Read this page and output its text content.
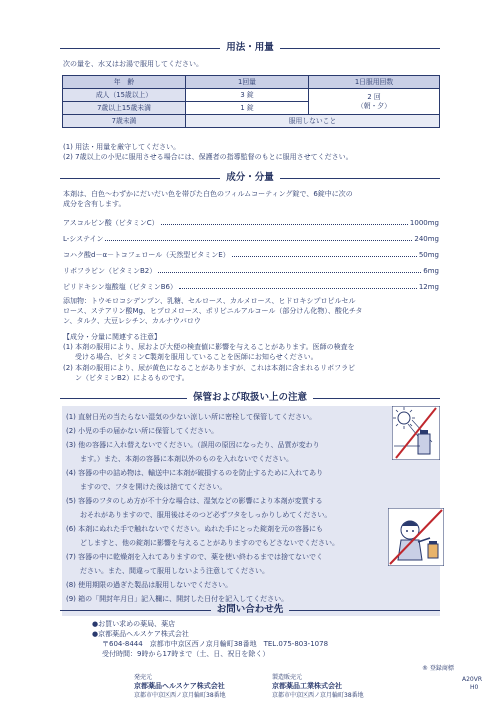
用法・用量
次の量を、水又はお湯で服用してください。
年　齢	1回量	1日服用回数
成人（15歳以上）	3 錠	2 回
（朝・夕）

7歳以上15歳未満	1 錠	
7歳未満	服用しないこと	
(1) 用法・用量を厳守してください。
(2) 7歳以上の小児に服用させる場合には、保護者の指導監督のもとに服用させてください。
成分・分量
本剤は、白色〜わずかにだいだい色を帯びた白色のフィルムコーティング錠で、6錠中に次の
成分を含有します。
アスコルビン酸（ビタミンC）	1000mg
L-システイン	240mg
コハク酸d－α－トコフェロール（天然型ビタミンE）	50mg
リボフラビン（ビタミンB2）	6mg
ピリドキシン塩酸塩（ビタミンB6）	12mg
添加物：トウモロコシデンプン、乳糖、セルロース、カルメロース、ヒドロキシプロピルセル
ロース、ステアリン酸Mg、ヒプロメロース、ポリビニルアルコール（部分けん化物）、酸化チタ
ン、タルク、大豆レシチン、カルナウバロウ
【成分・分量に関連する注意】
(1) 本剤の服用により、尿および大便の検査値に影響を与えることがあります。医師の検査を
受ける場合、ビタミンC製剤を服用していることを医師にお知らせください。
(2) 本剤の服用により、尿が黄色になることがありますが、これは本剤に含まれるリボフラビ
ン（ビタミンB2）によるものです。
保管および取扱い上の注意
(1) 直射日光の当たらない湿気の少ない涼しい所に密栓して保管してください。
(2) 小児の手の届かない所に保管してください。
(3) 他の容器に入れ替えないでください。（誤用の原因になったり、品質が変わり
ます。）また、本剤の容器に本剤以外のものを入れないでください。
(4) 容器の中の詰め物は、輸送中に本剤が破損するのを防止するために入れてあり
ますので、フタを開けた後は捨ててください。
(5) 容器のフタのしめ方が不十分な場合は、湿気などの影響により本剤が変質する
おそれがありますので、服用後はそのつど必ずフタをしっかりしめてください。
(6) 本剤にぬれた手で触れないでください。ぬれた手にとった錠剤を元の容器にも
どしますと、他の錠剤に影響を与えることがありますのでもどさないでください。
(7) 容器の中に乾燥剤を入れてありますので、薬を使い終わるまでは捨てないでく
ださい。また、間違って服用しないよう注意してください。
(8) 使用期限の過ぎた製品は服用しないでください。
(9) 箱の「開封年月日」記入欄に、開封した日付を記入してください。
お問い合わせ先
●お買い求めの薬局、薬店
●京都薬品ヘルスケア株式会社
〒604-8444　京都市中京区西ノ京月輪町38番地　TEL.075-803-1078
受付時間：9時から17時まで（土、日、祝日を除く）
® 登録商標
発売元
京都薬品ヘルスケア株式会社
京都市中京区西ノ京月輪町38番地
製造販売元
京都薬品工業株式会社
京都市中京区西ノ京月輪町38番地
A20VR
H0
